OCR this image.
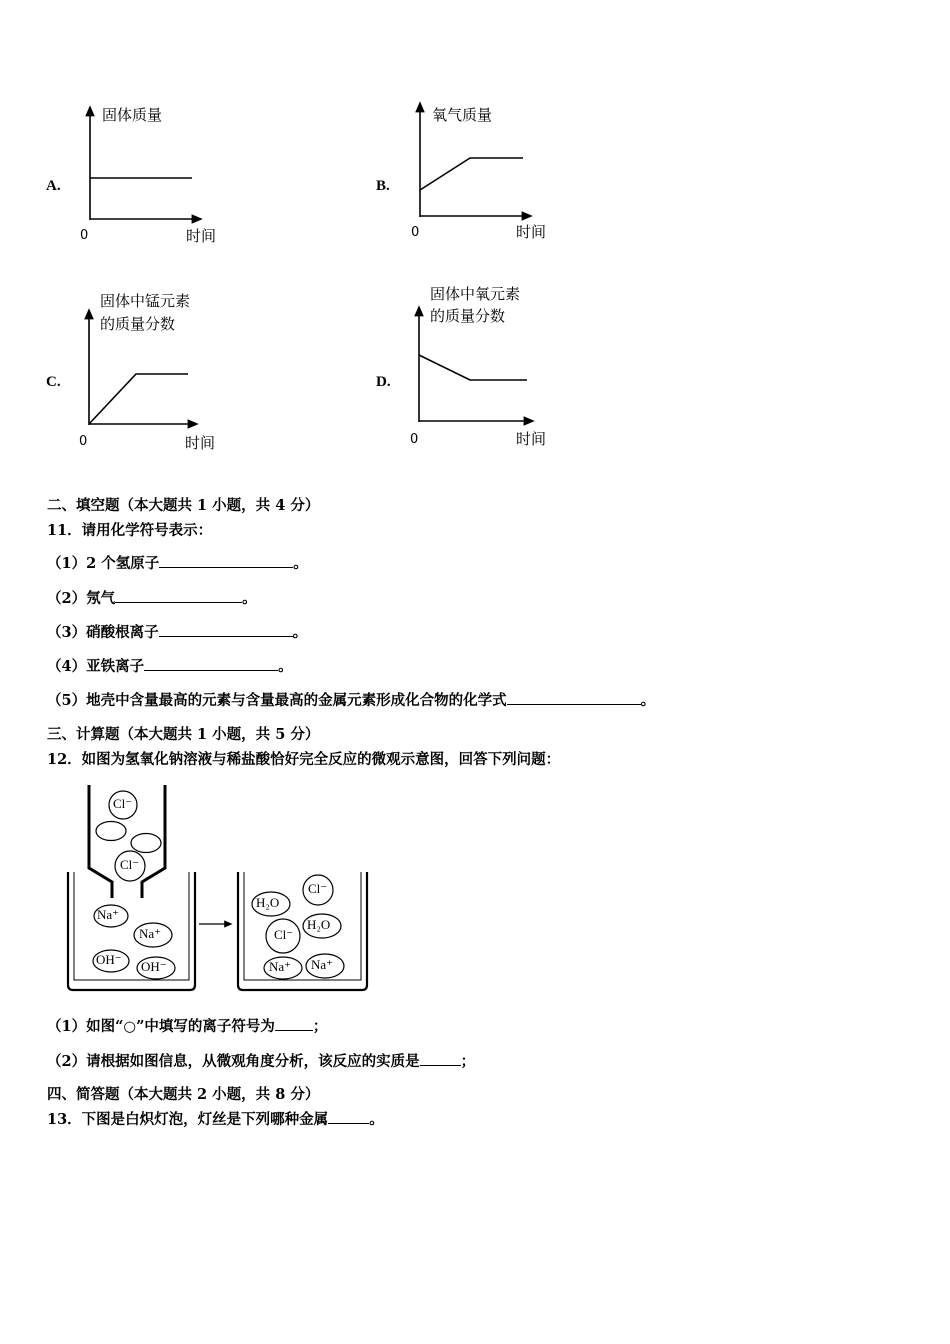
A.
固体质量
0	时间
B.
氧气质量
0	时间
C.
固体中锰元素
的质量分数
0	时间
D.
固体中氧元素
的质量分数
0	时间
二、填空题（本大题共 1 小题，共 4 分）
11．请用化学符号表示：
（1）2 个氢原子	。
（2）氖气	。
（3）硝酸根离子	。
（4）亚铁离子	。
（5）地壳中含量最高的元素与含量最高的金属元素形成化合物的化学式	。
三、计算题（本大题共 1 小题，共 5 分）
12．如图为氢氧化钠溶液与稀盐酸恰好完全反应的微观示意图，回答下列问题：
Cl⁻
Cl⁻
Na⁺
Na⁺
OH⁻ OH⁻
H₂O
Cl⁻
H₂O
Cl⁻
Na⁺ Na⁺
（1）如图“○”中填写的离子符号为	；
（2）请根据如图信息，从微观角度分析，该反应的实质是	；
四、简答题（本大题共 2 小题，共 8 分）
13．下图是白炽灯泡，灯丝是下列哪种金属	。
